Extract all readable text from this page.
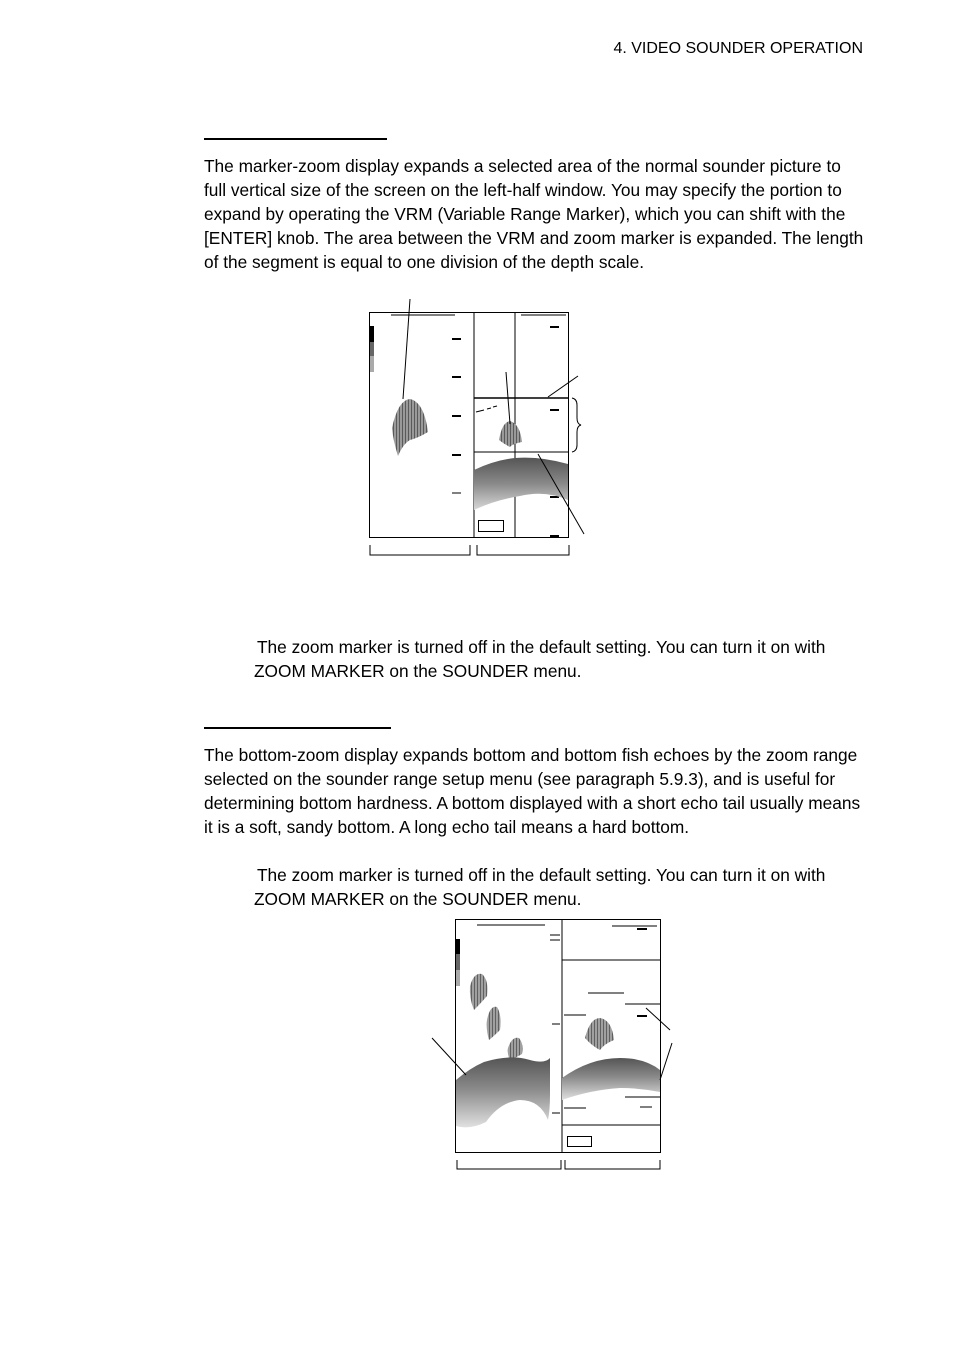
4. VIDEO SOUNDER OPERATION

The marker-zoom display expands a selected area of the normal sounder picture to full vertical size of the screen on the left-half window. You may specify the portion to expand by operating the VRM (Variable Range Marker), which you can shift with the [ENTER] knob. The area between the VRM and zoom marker is expanded. The length of the segment is equal to one division of the depth scale.

The zoom marker is turned off in the default setting. You can turn it on with ZOOM MARKER on the SOUNDER menu.

The bottom-zoom display expands bottom and bottom fish echoes by the zoom range selected on the sounder range setup menu (see paragraph 5.9.3), and is useful for determining bottom hardness. A bottom displayed with a short echo tail usually means it is a soft, sandy bottom. A long echo tail means a hard bottom.

The zoom marker is turned off in the default setting. You can turn it on with ZOOM MARKER on the SOUNDER menu.
